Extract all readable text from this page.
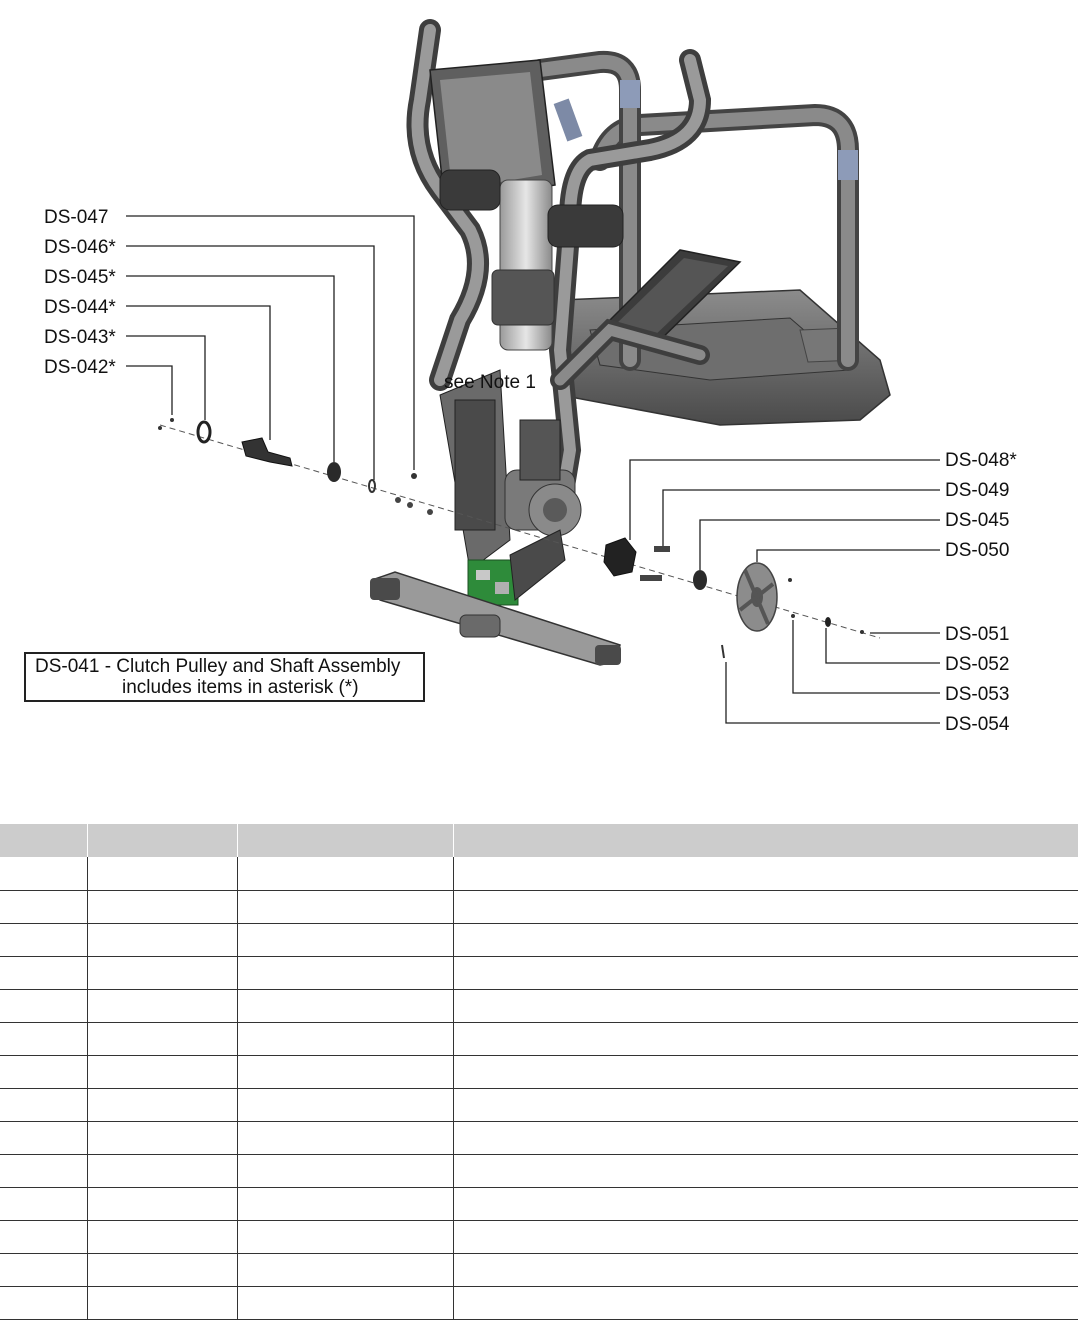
DS-047
DS-046*
DS-045*
DS-044*
DS-043*
DS-042*
DS-048*
DS-049
DS-045
DS-050
DS-051
DS-052
DS-053
DS-054
see Note 1
DS-041 - Clutch Pulley and Shaft Assembly
includes items in asterisk (*)
